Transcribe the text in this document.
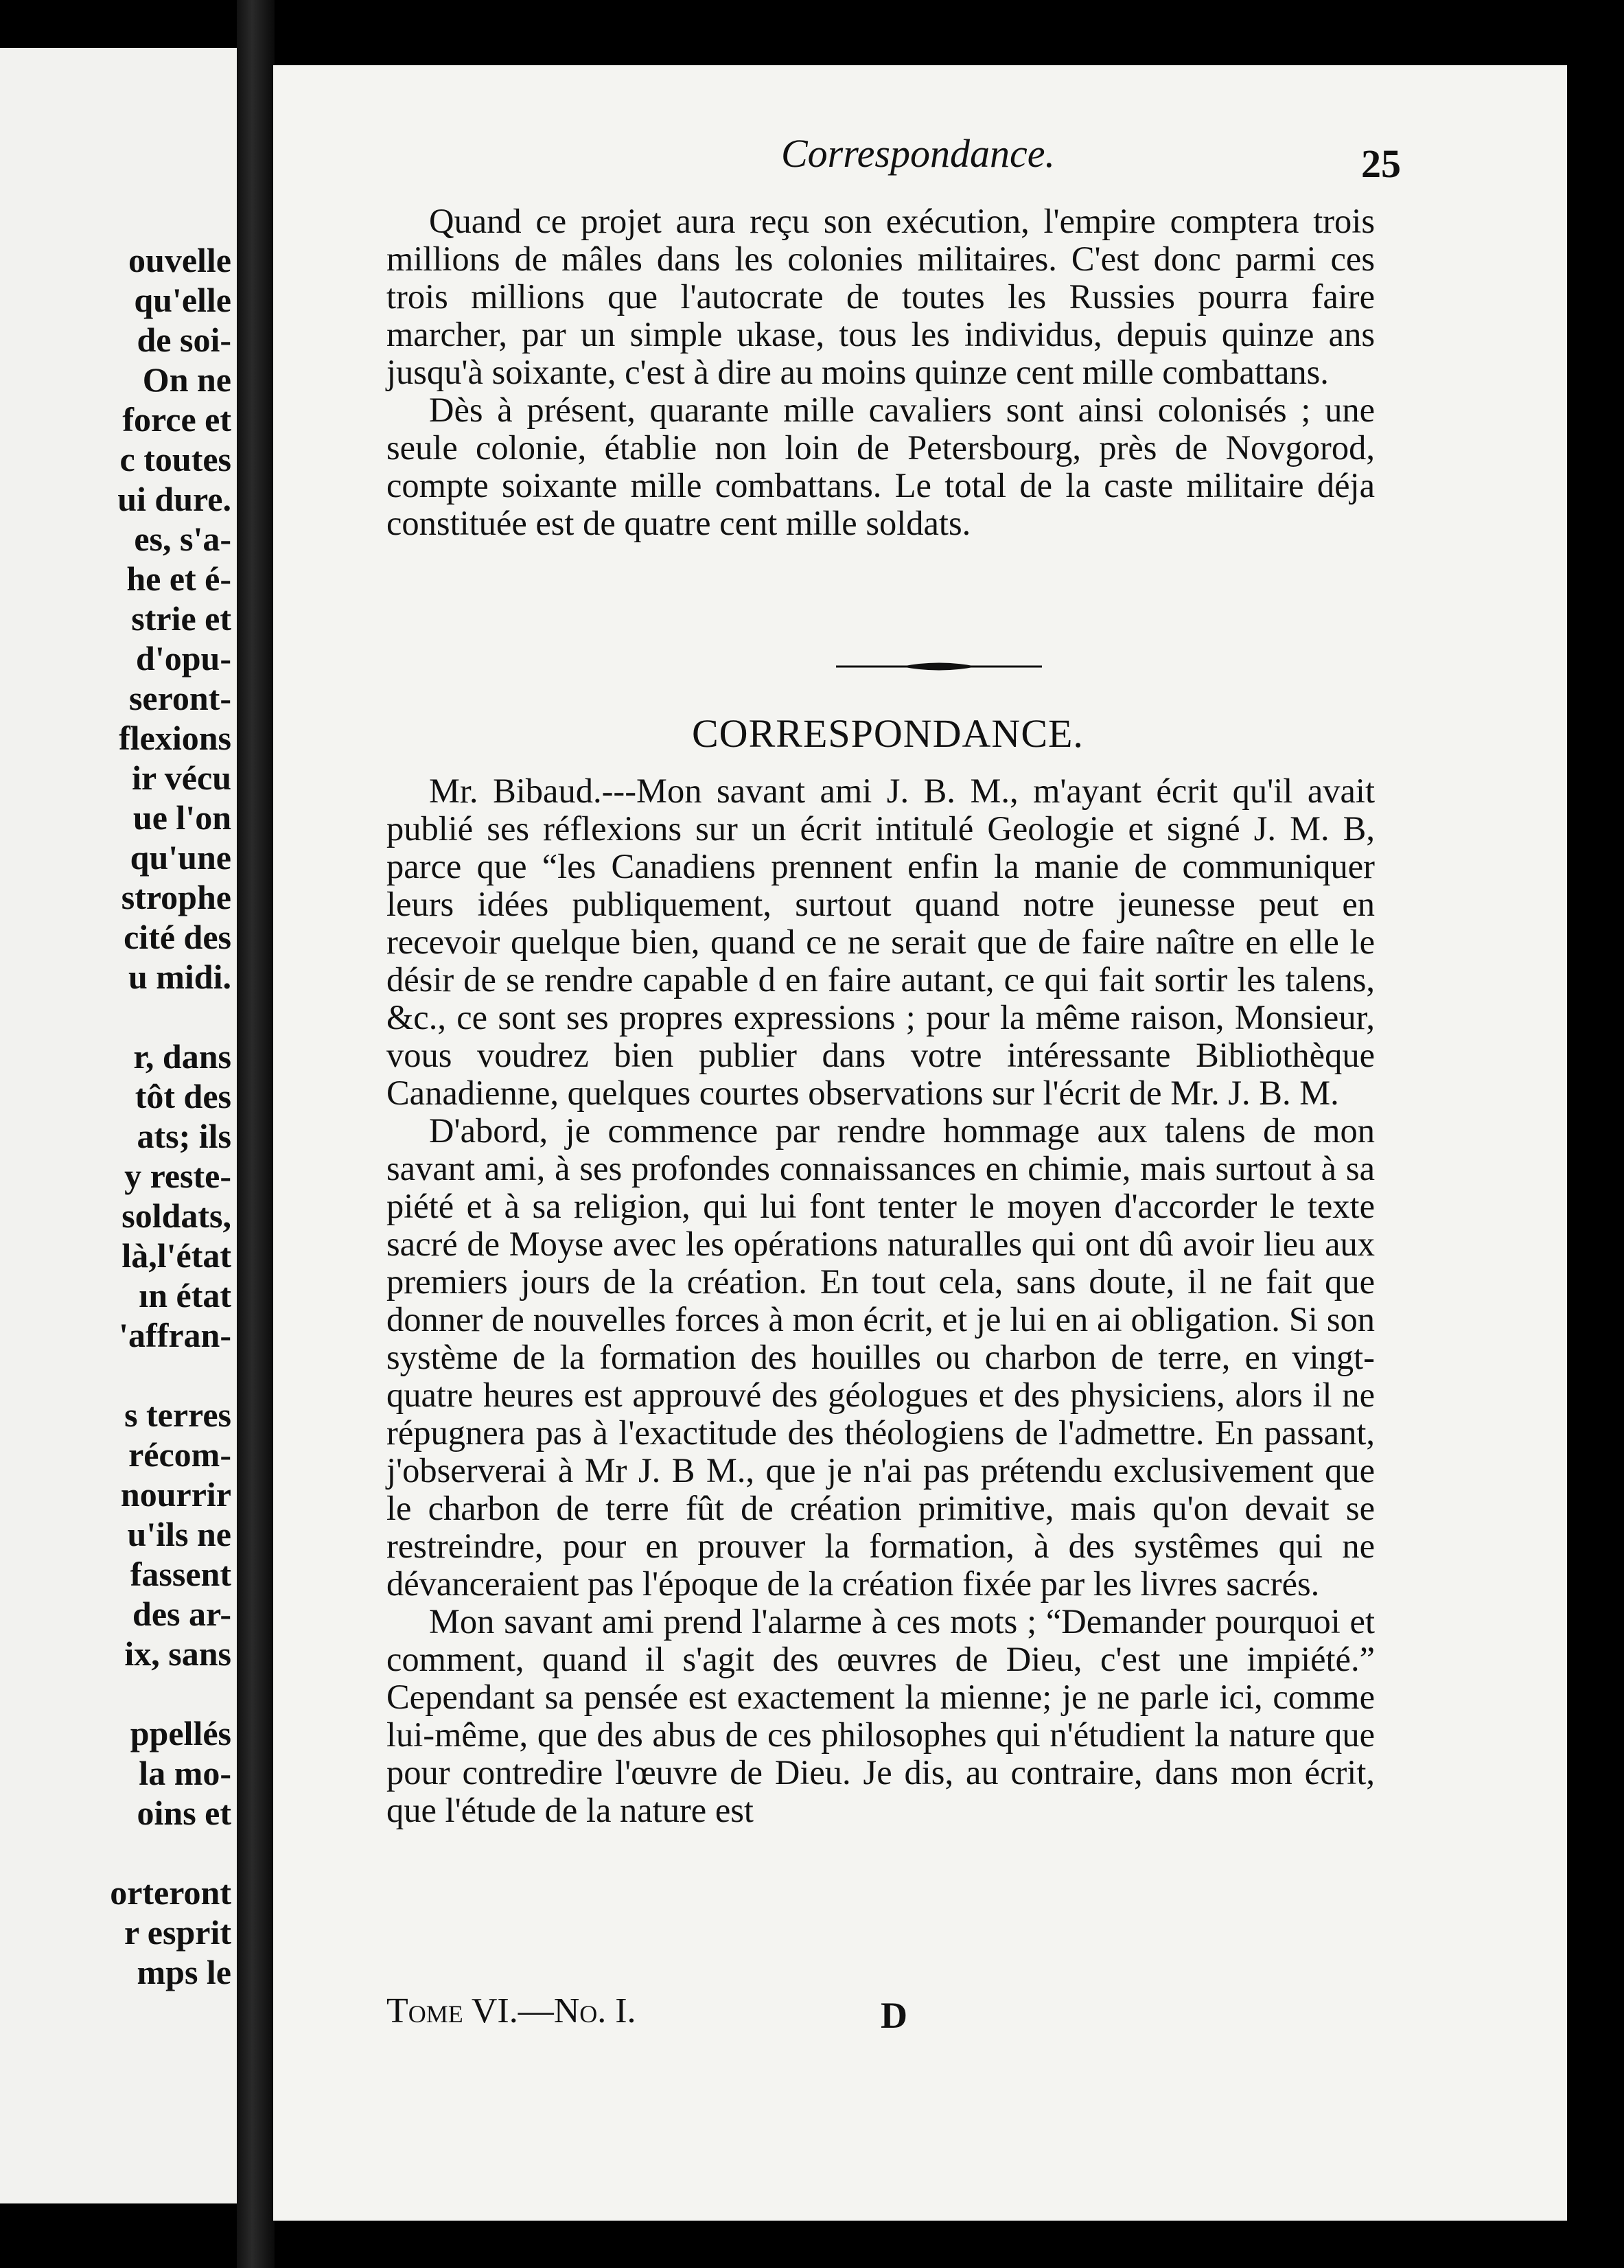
ouvelle
qu'elle
de soi-
On ne
force et
c toutes
ui dure.
es, s'a-
he et é-
strie et
d'opu-
seront-
flexions
ir vécu
ue l'on
qu'une
strophe
cité des
u midi.
r, dans
tôt des
ats; ils
y reste-
soldats,
là,l'état
ın état
'affran-
s terres
récom-
nourrir
u'ils ne
fassent
des ar-
ix, sans
ppellés
la mo-
oins et
orteront
r esprit
mps le
Correspondance.	25

Quand ce projet aura reçu son exécution, l'empire comptera trois millions de mâles dans les colonies militaires. C'est donc parmi ces trois millions que l'autocrate de toutes les Russies pourra faire marcher, par un simple ukase, tous les individus, depuis quinze ans jusqu'à soixante, c'est à dire au moins quinze cent mille combattans.

Dès à présent, quarante mille cavaliers sont ainsi colonisés ; une seule colonie, établie non loin de Petersbourg, près de Novgorod, compte soixante mille combattans. Le total de la caste militaire déja constituée est de quatre cent mille soldats.

CORRESPONDANCE.

Mr. Bibaud.---Mon savant ami J. B. M., m'ayant écrit qu'il avait publié ses réflexions sur un écrit intitulé Geologie et signé J. M. B, parce que “les Canadiens prennent enfin la manie de communiquer leurs idées publiquement, surtout quand notre jeunesse peut en recevoir quelque bien, quand ce ne serait que de faire naître en elle le désir de se rendre capable d en faire autant, ce qui fait sortir les talens, &c., ce sont ses propres expressions ; pour la même raison, Monsieur, vous voudrez bien publier dans votre intéressante Bibliothèque Canadienne, quelques courtes observations sur l'écrit de Mr. J. B. M.

D'abord, je commence par rendre hommage aux talens de mon savant ami, à ses profondes connaissances en chimie, mais surtout à sa piété et à sa religion, qui lui font tenter le moyen d'accorder le texte sacré de Moyse avec les opérations naturalles qui ont dû avoir lieu aux premiers jours de la création. En tout cela, sans doute, il ne fait que donner de nouvelles forces à mon écrit, et je lui en ai obligation. Si son système de la formation des houilles ou charbon de terre, en vingt-quatre heures est approuvé des géologues et des physiciens, alors il ne répugnera pas à l'exactitude des théologiens de l'admettre. En passant, j'observerai à Mr J. B M., que je n'ai pas prétendu exclusivement que le charbon de terre fût de création primitive, mais qu'on devait se restreindre, pour en prouver la formation, à des systêmes qui ne dévanceraient pas l'époque de la création fixée par les livres sacrés.

Mon savant ami prend l'alarme à ces mots ; “Demander pourquoi et comment, quand il s'agit des œuvres de Dieu, c'est une impiété.” Cependant sa pensée est exactement la mienne; je ne parle ici, comme lui-même, que des abus de ces philosophes qui n'étudient la nature que pour contredire l'œuvre de Dieu. Je dis, au contraire, dans mon écrit, que l'étude de la nature est

Tome VI.—No. I.	D
